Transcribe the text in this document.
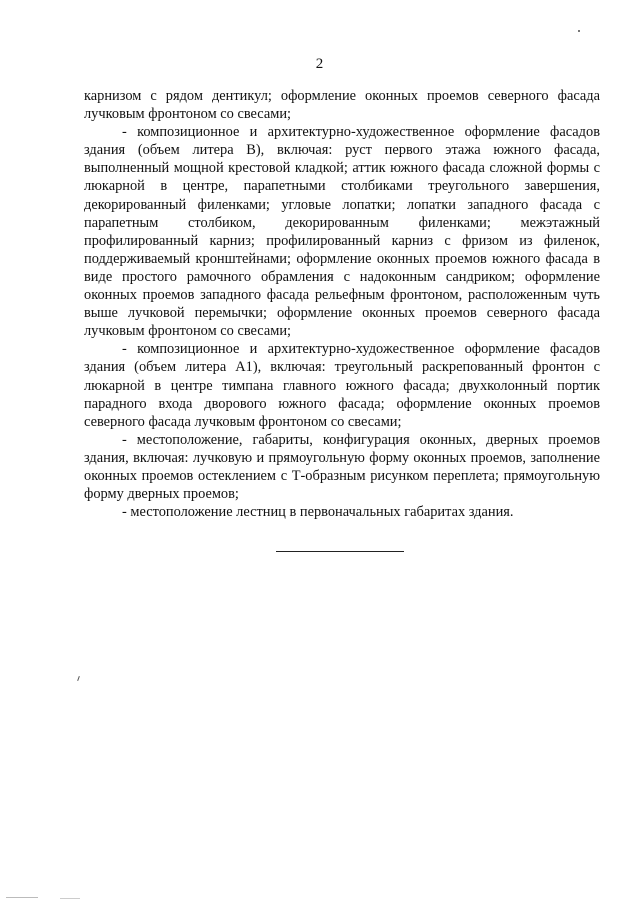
2

карнизом с рядом дентикул; оформление оконных проемов северного фасада лучковым фронтоном со свесами;

- композиционное и архитектурно-художественное оформление фасадов здания (объем литера В), включая: руст первого этажа южного фасада, выполненный мощной крестовой кладкой; аттик южного фасада сложной формы с люкарной в центре, парапетными столбиками треугольного завершения, декорированный филенками; угловые лопатки; лопатки западного фасада с парапетным столбиком, декорированным филенками; межэтажный профилированный карниз; профилированный карниз с фризом из филенок, поддерживаемый кронштейнами; оформление оконных проемов южного фасада в виде простого рамочного обрамления с надоконным сандриком; оформление оконных проемов западного фасада рельефным фронтоном, расположенным чуть выше лучковой перемычки; оформление оконных проемов северного фасада лучковым фронтоном со свесами;

- композиционное и архитектурно-художественное оформление фасадов здания (объем литера А1), включая: треугольный раскрепованный фронтон с люкарной в центре тимпана главного южного фасада; двухколонный портик парадного входа дворового южного фасада; оформление оконных проемов северного фасада лучковым фронтоном со свесами;

- местоположение, габариты, конфигурация оконных, дверных проемов здания, включая: лучковую и прямоугольную форму оконных проемов, заполнение оконных проемов остеклением с Т-образным рисунком переплета; прямоугольную форму дверных проемов;

- местоположение лестниц в первоначальных габаритах здания.
